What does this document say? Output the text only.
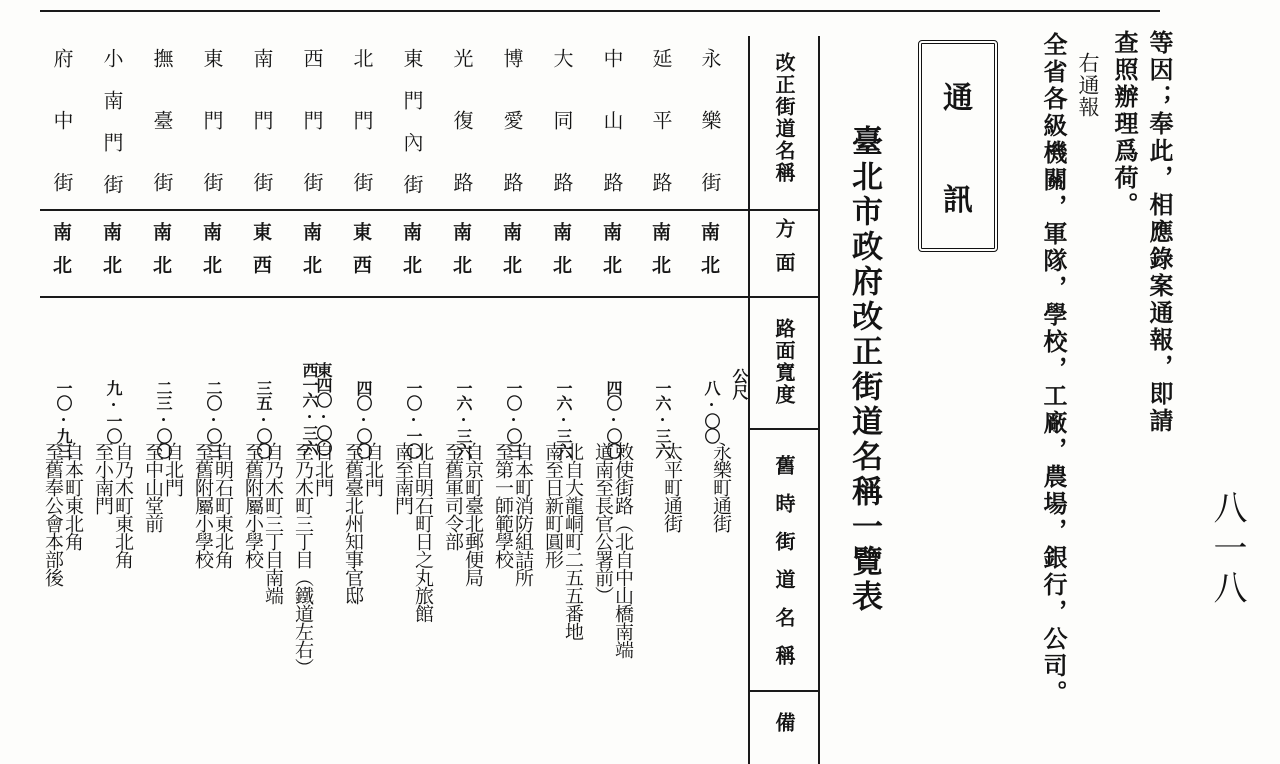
八一八
等因；奉此，相應錄案通報，即請
查照辦理爲荷。
右通報
全省各級機關，軍隊，學校，工廠，農場，銀行，公司。
通
訊
臺北市政府改正街道名稱一覽表
改正街道名稱
方面
路面寬度
舊時街道名稱
備
公尺
永樂街
南北
八·〇〇
永樂町通街
延平路
南北
一六·三六
太平町通街
中山路
南北
四〇·〇〇
敕使街路（北自中山橋南端
道南至長官公署前）
大同路
南北
一六·三六
北自大龍峒町二五五番地
南至日新町圓形
博愛路
南北
一〇·〇三
自本町消防組詰所
至第一師範學校
光復路
南北
一六·三六
自京町臺北郵便局
至舊軍司令部
東門內街
南北
一〇·一〇
北自明石町日之丸旅館
南至南門
北門街
東西
四〇·〇〇
自北門
至舊臺北州知事官邸
西門街
南北
東四〇·〇〇
西一六·三六
自北門
至乃木町三丁目（鐵道左右）
南門街
東西
三五·〇〇
自乃木町三丁目南端
至舊附屬小學校
東門街
南北
二〇·〇三
自明石町東北角
至舊附屬小學校
撫臺街
南北
二三·〇〇
自北門
至中山堂前
小南門街
南北
九·一〇
自乃木町東北角
至小南門
府中街
南北
一〇·九三
自本町東北角
至舊奉公會本部後
